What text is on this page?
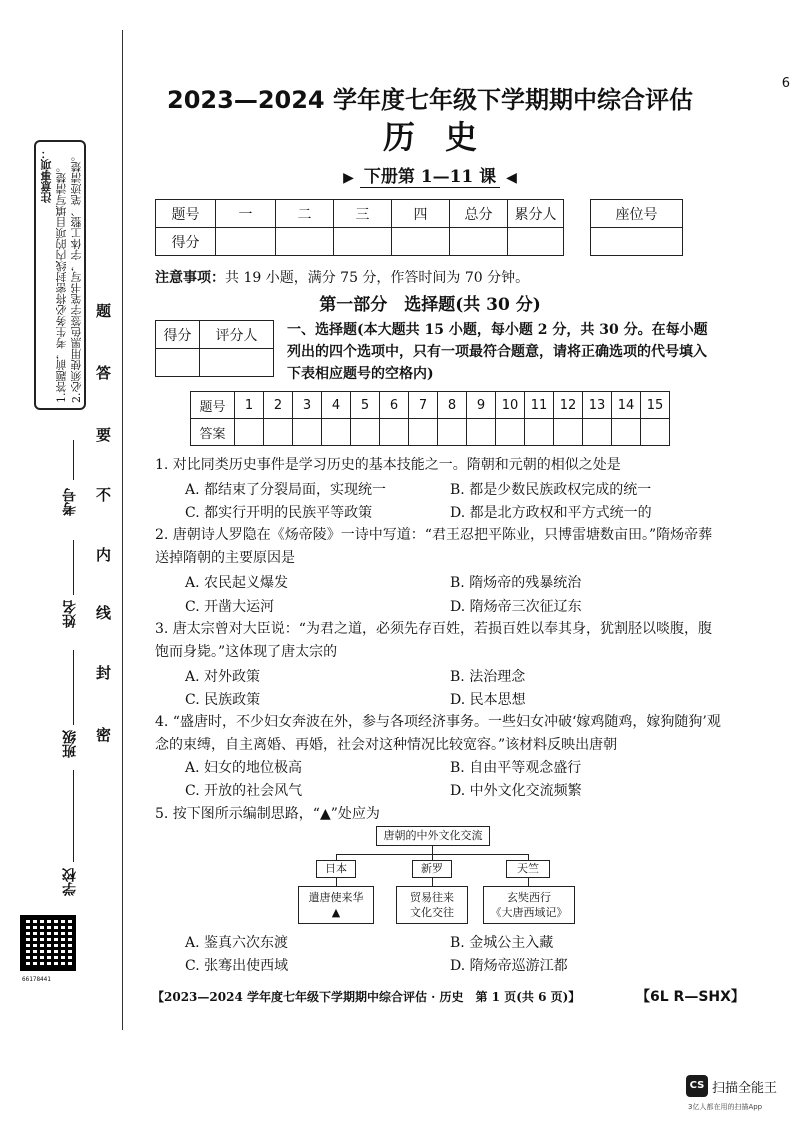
注意事项： 1.答题前，考生务必将密封线内的项目填写清楚。 2.必须使用黑色签字笔书写，字体工整、笔迹清楚。 题
答
要
不
内
线
封
密
考号
姓名
班级
学校
66178441
6
2023—2024 学年度七年级下学期期中综合评估
历史
▶ 下册第 1—11 课 ◀
题号	一	二	三	四	总分	累分人
得分						
座位号

注意事项：共 19 小题，满分 75 分，作答时间为 70 分钟。
第一部分　选择题(共 30 分)
得分	评分人
	一、选择题(本大题共 15 小题，每小题 2 分，共 30 分。在每小题列出的四个选项中，只有一项最符合题意，请将正确选项的代号填入下表相应题号的空格内)
题号	1	2	3	4	5	6	7	8	9	10	11	12	13	14	15
答案															
1. 对比同类历史事件是学习历史的基本技能之一。隋朝和元朝的相似之处是
A. 都结束了分裂局面，实现统一	B. 都是少数民族政权完成的统一
C. 都实行开明的民族平等政策	D. 都是北方政权和平方式统一的
2. 唐朝诗人罗隐在《炀帝陵》一诗中写道：“君王忍把平陈业，只博雷塘数亩田。”隋炀帝葬送掉隋朝的主要原因是
A. 农民起义爆发	B. 隋炀帝的残暴统治
C. 开凿大运河	D. 隋炀帝三次征辽东
3. 唐太宗曾对大臣说：“为君之道，必须先存百姓，若损百姓以奉其身，犹割胫以啖腹，腹饱而身毙。”这体现了唐太宗的
A. 对外政策	B. 法治理念
C. 民族政策	D. 民本思想
4. “盛唐时，不少妇女奔波在外，参与各项经济事务。一些妇女冲破‘嫁鸡随鸡，嫁狗随狗’观念的束缚，自主离婚、再婚，社会对这种情况比较宽容。”该材料反映出唐朝
A. 妇女的地位极高	B. 自由平等观念盛行
C. 开放的社会风气	D. 中外文化交流频繁
5. 按下图所示编制思路，“▲”处应为
唐朝的中外文化交流
日本	新罗	天竺
遣唐使来华
▲
贸易往来
文化交往
玄奘西行
《大唐西域记》
A. 鉴真六次东渡	B. 金城公主入藏
C. 张骞出使西域	D. 隋炀帝巡游江都
【2023—2024 学年度七年级下学期期中综合评估 · 历史　第 1 页(共 6 页)】	【6L R—SHX】
CS 扫描全能王
3亿人都在用的扫描App
